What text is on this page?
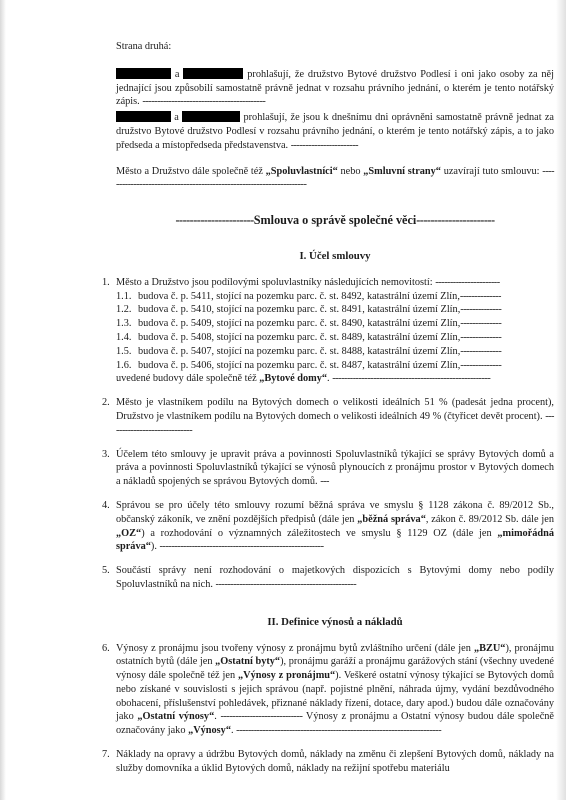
Strana druhá:

a	prohlašují, že družstvo Bytové družstvo Podlesí i oni jako osoby za něj jednající jsou způsobilí samostatně právně jednat v rozsahu právního jednání, o kterém je tento notářský zápis. ------------------------------------------

a	prohlašují, že jsou k dnešnímu dni oprávněni samostatně právně jednat za družstvo Bytové družstvo Podlesí v rozsahu právního jednání, o kterém je tento notářský zápis, a to jako předseda a místopředseda představenstva. -----------------------

Město a Družstvo dále společně též „Spoluvlastníci“ nebo „Smluvní strany“ uzavírají tuto smlouvu: ---------------------------------------------------------------------

----------------------Smlouva o správě společné věci----------------------

I. Účel smlouvy

1. Město a Družstvo jsou podílovými spoluvlastníky následujících nemovitostí: ----------------------

1.1. budova č. p. 5411, stojící na pozemku parc. č. st. 8492, katastrální území Zlín,--------------
1.2. budova č. p. 5410, stojící na pozemku parc. č. st. 8491, katastrální území Zlín,--------------
1.3. budova č. p. 5409, stojící na pozemku parc. č. st. 8490, katastrální území Zlín,--------------
1.4. budova č. p. 5408, stojící na pozemku parc. č. st. 8489, katastrální území Zlín,--------------
1.5. budova č. p. 5407, stojící na pozemku parc. č. st. 8488, katastrální území Zlín,--------------
1.6. budova č. p. 5406, stojící na pozemku parc. č. st. 8487, katastrální území Zlín,--------------

uvedené budovy dále společně též „Bytové domy“. ------------------------------------------------------

2. Město je vlastníkem podílu na Bytových domech o velikosti ideálních 51 % (padesát jedna procent), Družstvo je vlastníkem podílu na Bytových domech o velikosti ideálních 49 % (čtyřicet devět procent). -----------------------------

3. Účelem této smlouvy je upravit práva a povinnosti Spoluvlastníků týkající se správy Bytových domů a práva a povinnosti Spoluvlastníků týkající se výnosů plynoucích z pronájmu prostor v Bytových domech a nákladů spojených se správou Bytových domů. ---

4. Správou se pro účely této smlouvy rozumí běžná správa ve smyslu § 1128 zákona č. 89/2012 Sb., občanský zákoník, ve znění pozdějších předpisů (dále jen „běžná správa“, zákon č. 89/2012 Sb. dále jen „OZ“) a rozhodování o významných záležitostech ve smyslu § 1129 OZ (dále jen „mimořádná správa“). --------------------------------------------------------

5. Součástí správy není rozhodování o majetkových dispozicích s Bytovými domy nebo podíly Spoluvlastníků na nich. ------------------------------------------------

II. Definice výnosů a nákladů

6. Výnosy z pronájmu jsou tvořeny výnosy z pronájmu bytů zvláštního určení (dále jen „BZU“), pronájmu ostatních bytů (dále jen „Ostatní byty“), pronájmu garáží a pronájmu garážových stání (všechny uvedené výnosy dále společně též jen „Výnosy z pronájmu“). Veškeré ostatní výnosy týkající se Bytových domů nebo získané v souvislosti s jejich správou (např. pojistné plnění, náhrada újmy, vydání bezdůvodného obohacení, příslušenství pohledávek, přiznané náklady řízení, dotace, dary apod.) budou dále označovány jako „Ostatní výnosy“. ---------------------------- Výnosy z pronájmu a Ostatní výnosy budou dále společně označovány jako „Výnosy“. ----------------------------------------------------------------------

7. Náklady na opravy a údržbu Bytových domů, náklady na změnu či zlepšení Bytových domů, náklady na služby domovníka a úklid Bytových domů, náklady na režijní spotřebu materiálu
